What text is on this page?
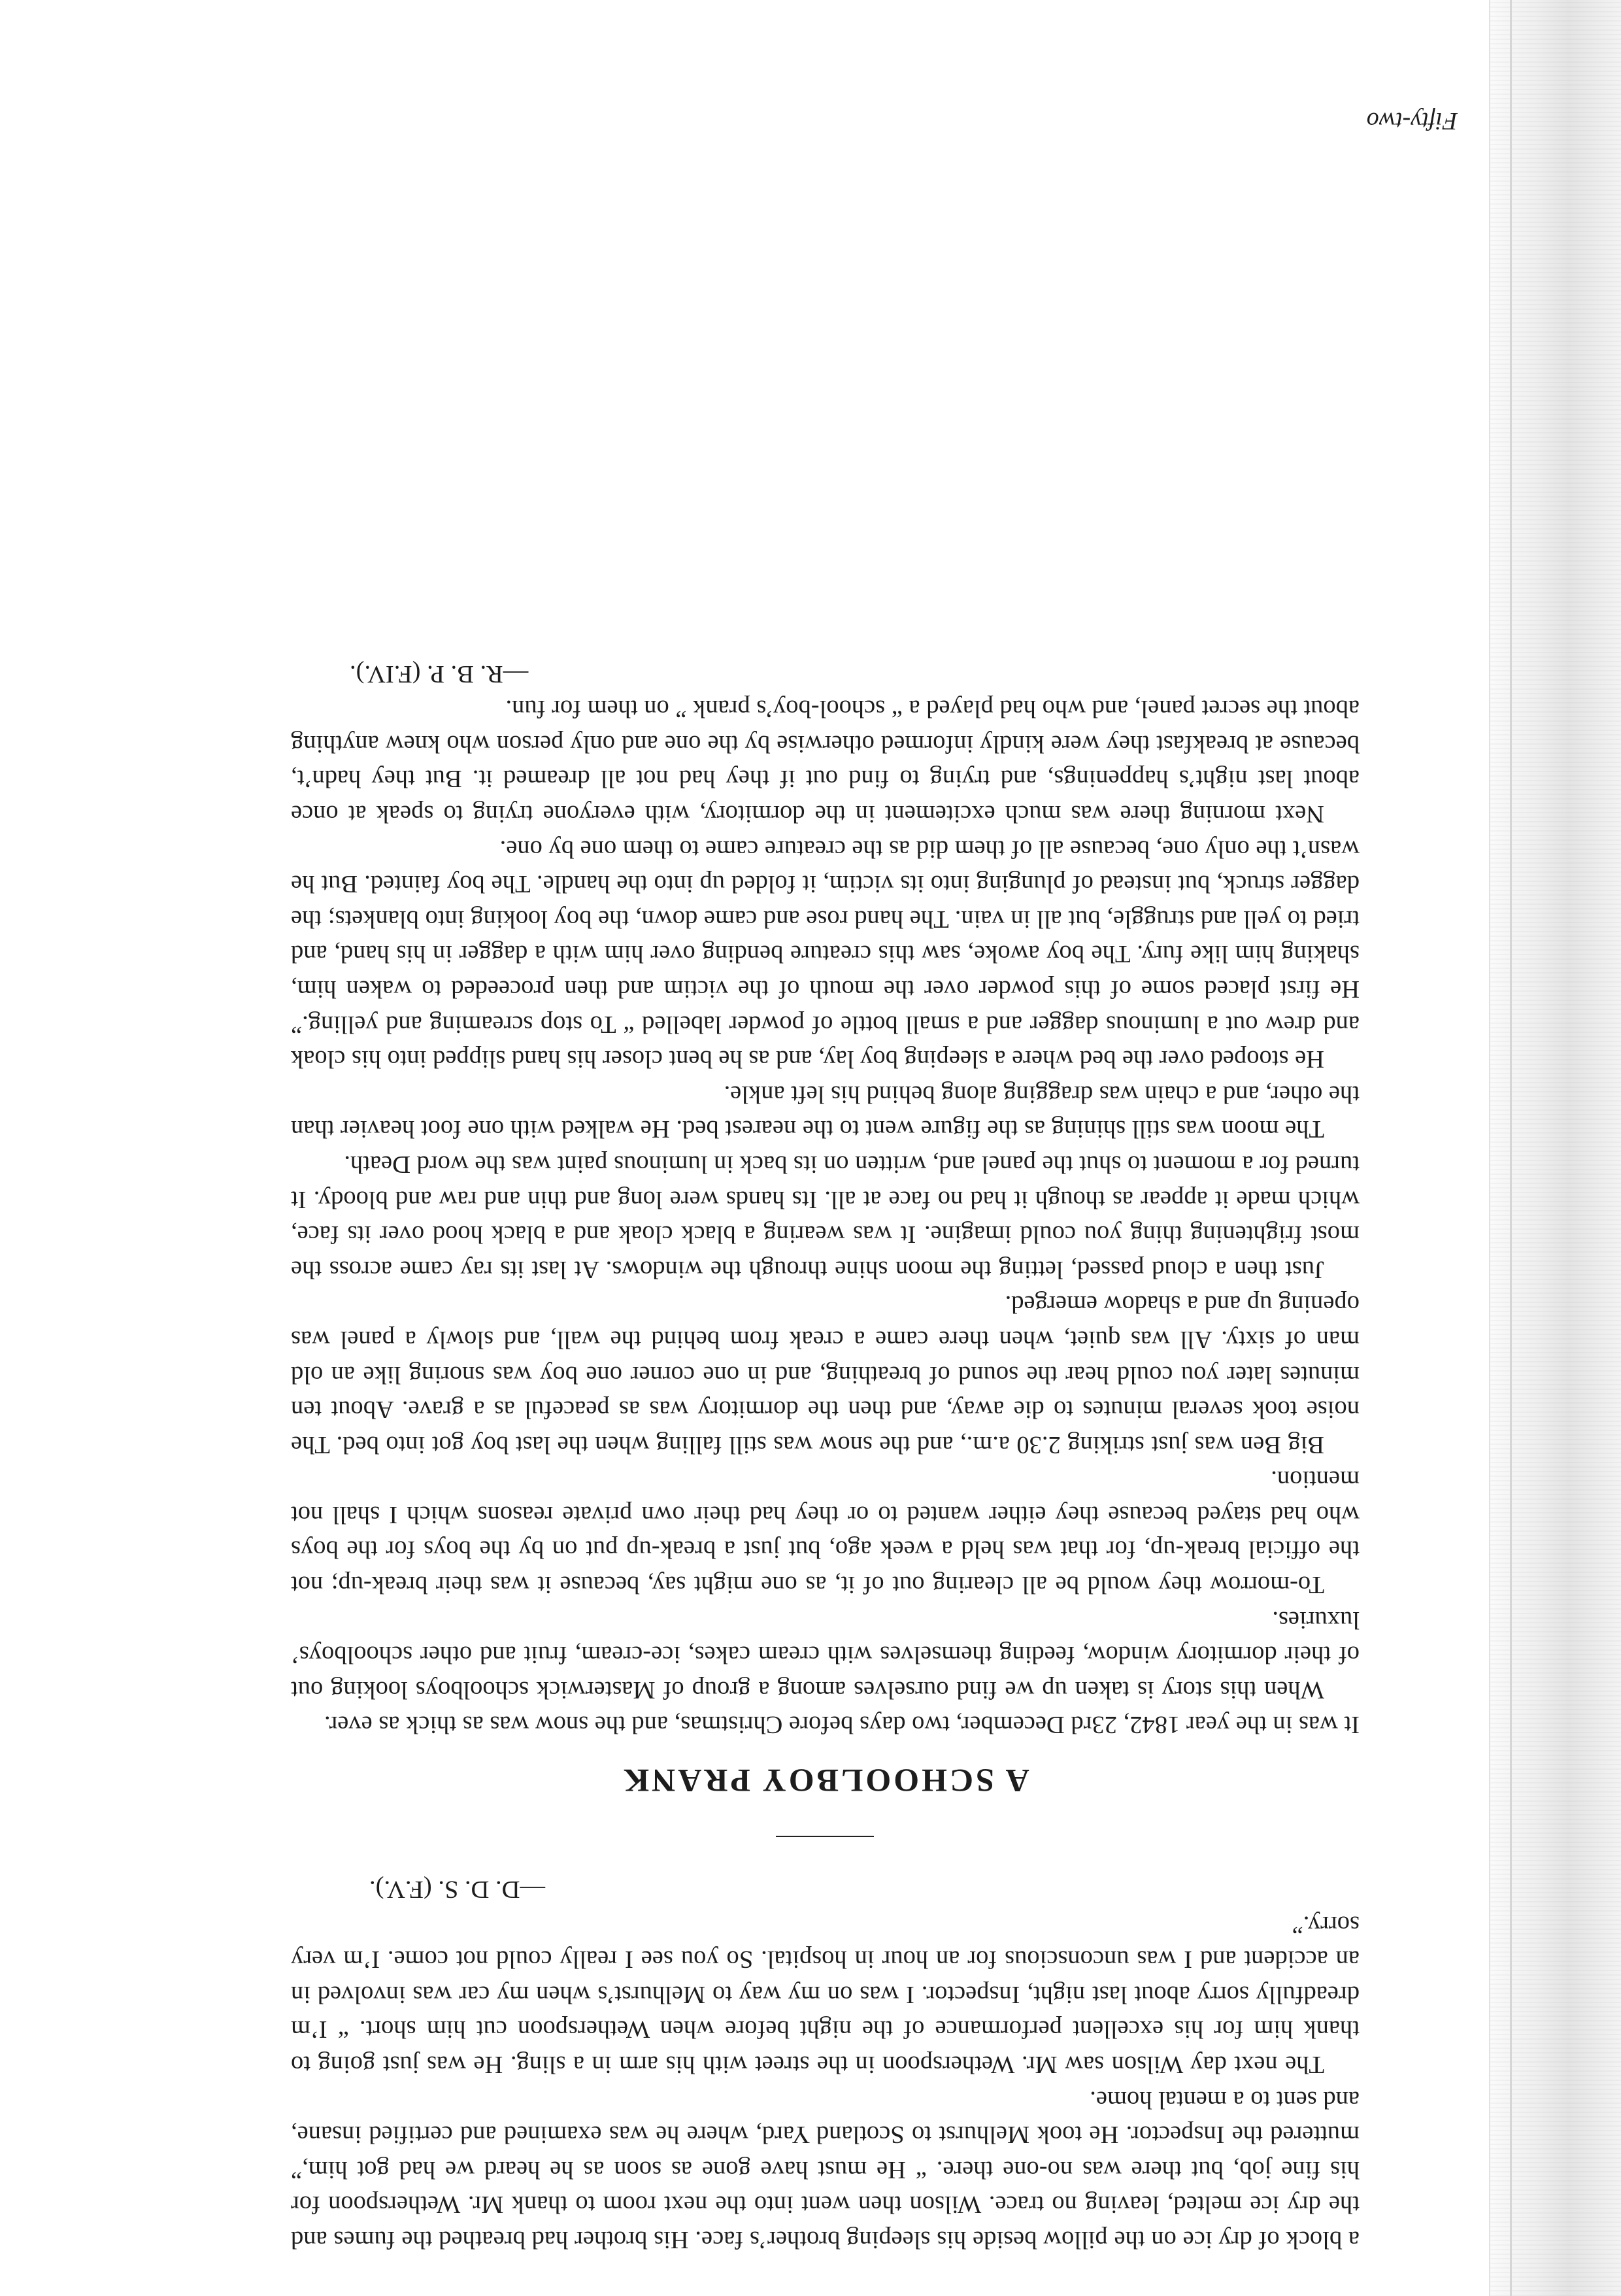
a block of dry ice on the pillow beside his sleeping brother’s face. His brother had breathed the fumes and the dry ice melted, leaving no trace. Wilson then went into the next room to thank Mr. Wetherspoon for his fine job, but there was no-one there. “ He must have gone as soon as he heard we had got him,” muttered the Inspector. He took Melhurst to Scotland Yard, where he was examined and certified insane, and sent to a mental home.

The next day Wilson saw Mr. Wetherspoon in the street with his arm in a sling. He was just going to thank him for his excellent performance of the night before when Wetherspoon cut him short. “ I’m dreadfully sorry about last night, Inspector. I was on my way to Melhurst’s when my car was involved in an accident and I was unconscious for an hour in hospital. So you see I really could not come. I’m very sorry.”

—D. D. S. (F.V.).

A SCHOOLBOY PRANK

It was in the year 1842, 23rd December, two days before Christmas, and the snow was as thick as ever.

When this story is taken up we find ourselves among a group of Masterwick schoolboys looking out of their dormitory window, feeding themselves with cream cakes, ice-cream, fruit and other schoolboys’ luxuries.

To-morrow they would be all clearing out of it, as one might say, because it was their break-up; not the official break-up, for that was held a week ago, but just a break-up put on by the boys for the boys who had stayed because they either wanted to or they had their own private reasons which I shall not mention.

Big Ben was just striking 2.30 a.m., and the snow was still falling when the last boy got into bed. The noise took several minutes to die away, and then the dormitory was as peaceful as a grave. About ten minutes later you could hear the sound of breathing, and in one corner one boy was snoring like an old man of sixty. All was quiet, when there came a creak from behind the wall, and slowly a panel was opening up and a shadow emerged.

Just then a cloud passed, letting the moon shine through the windows. At last its ray came across the most frightening thing you could imagine. It was wearing a black cloak and a black hood over its face, which made it appear as though it had no face at all. Its hands were long and thin and raw and bloody. It turned for a moment to shut the panel and, written on its back in luminous paint was the word Death.

The moon was still shining as the figure went to the nearest bed. He walked with one foot heavier than the other, and a chain was dragging along behind his left ankle.

He stooped over the bed where a sleeping boy lay, and as he bent closer his hand slipped into his cloak and drew out a luminous dagger and a small bottle of powder labelled “ To stop screaming and yelling.” He first placed some of this powder over the mouth of the victim and then proceeded to waken him, shaking him like fury. The boy awoke, saw this creature bending over him with a dagger in his hand, and tried to yell and struggle, but all in vain. The hand rose and came down, the boy looking into blankets; the dagger struck, but instead of plunging into its victim, it folded up into the handle. The boy fainted. But he wasn’t the only one, because all of them did as the creature came to them one by one.

Next morning there was much excitement in the dormitory, with everyone trying to speak at once about last night’s happenings, and trying to find out if they had not all dreamed it. But they hadn’t, because at breakfast they were kindly informed otherwise by the one and only person who knew anything about the secret panel, and who had played a “ school-boy’s prank ” on them for fun.

—R. B. P. (F.IV.).

Fifty-two
